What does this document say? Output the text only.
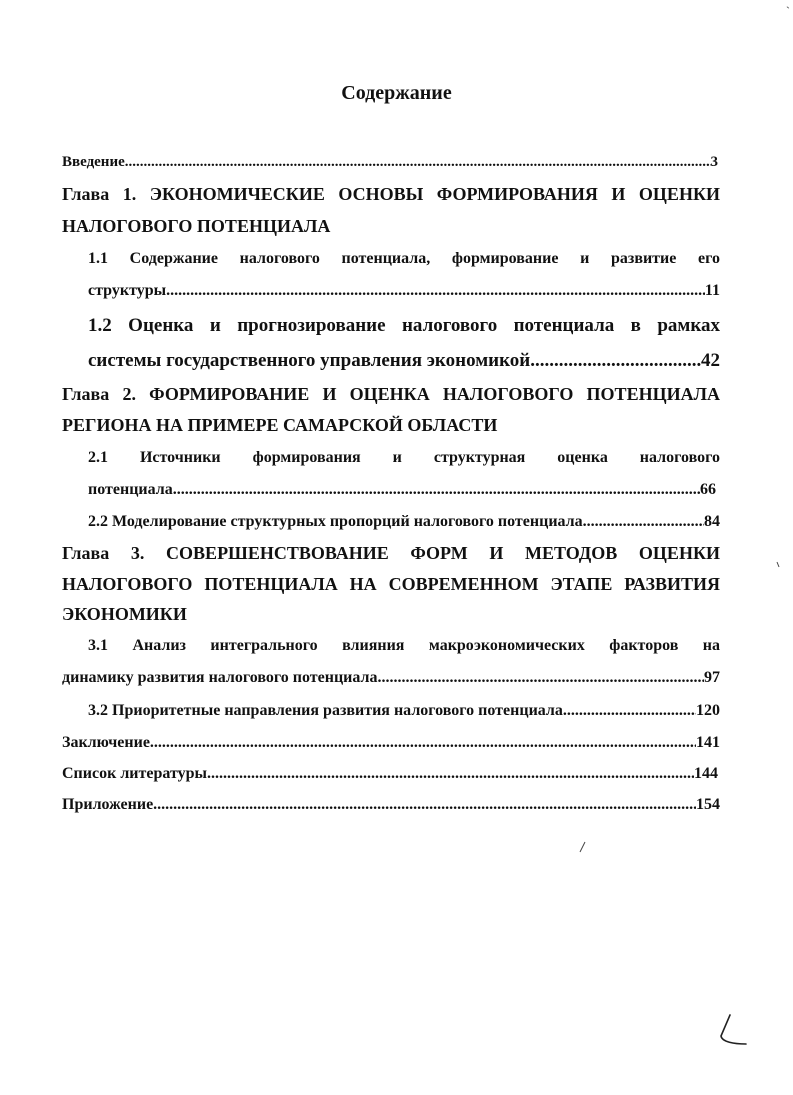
`
Содержание
Введение .....	3
Глава 1. ЭКОНОМИЧЕСКИЕ ОСНОВЫ ФОРМИРОВАНИЯ И ОЦЕНКИ
НАЛОГОВОГО ПОТЕНЦИАЛА
1.1 Содержание налогового потенциала, формирование и развитие его
структуры .....	11
1.2 Оценка и прогнозирование налогового потенциала в рамках
системы государственного управления экономикой .....	42
Глава 2. ФОРМИРОВАНИЕ И ОЦЕНКА НАЛОГОВОГО ПОТЕНЦИАЛА
РЕГИОНА НА ПРИМЕРЕ САМАРСКОЙ ОБЛАСТИ
2.1 Источники формирования и структурная оценка налогового
потенциала .....	66
2.2 Моделирование структурных пропорций налогового потенциала .....	84
Глава 3. СОВЕРШЕНСТВОВАНИЕ ФОРМ И МЕТОДОВ ОЦЕНКИ
НАЛОГОВОГО ПОТЕНЦИАЛА НА СОВРЕМЕННОМ ЭТАПЕ РАЗВИТИЯ
ЭКОНОМИКИ
3.1 Анализ интегрального влияния макроэкономических факторов на
динамику развития налогового потенциала .....	97
3.2 Приоритетные направления развития налогового потенциала .....	120
Заключение .....	141
Список литературы .....	144
Приложение .....	154
